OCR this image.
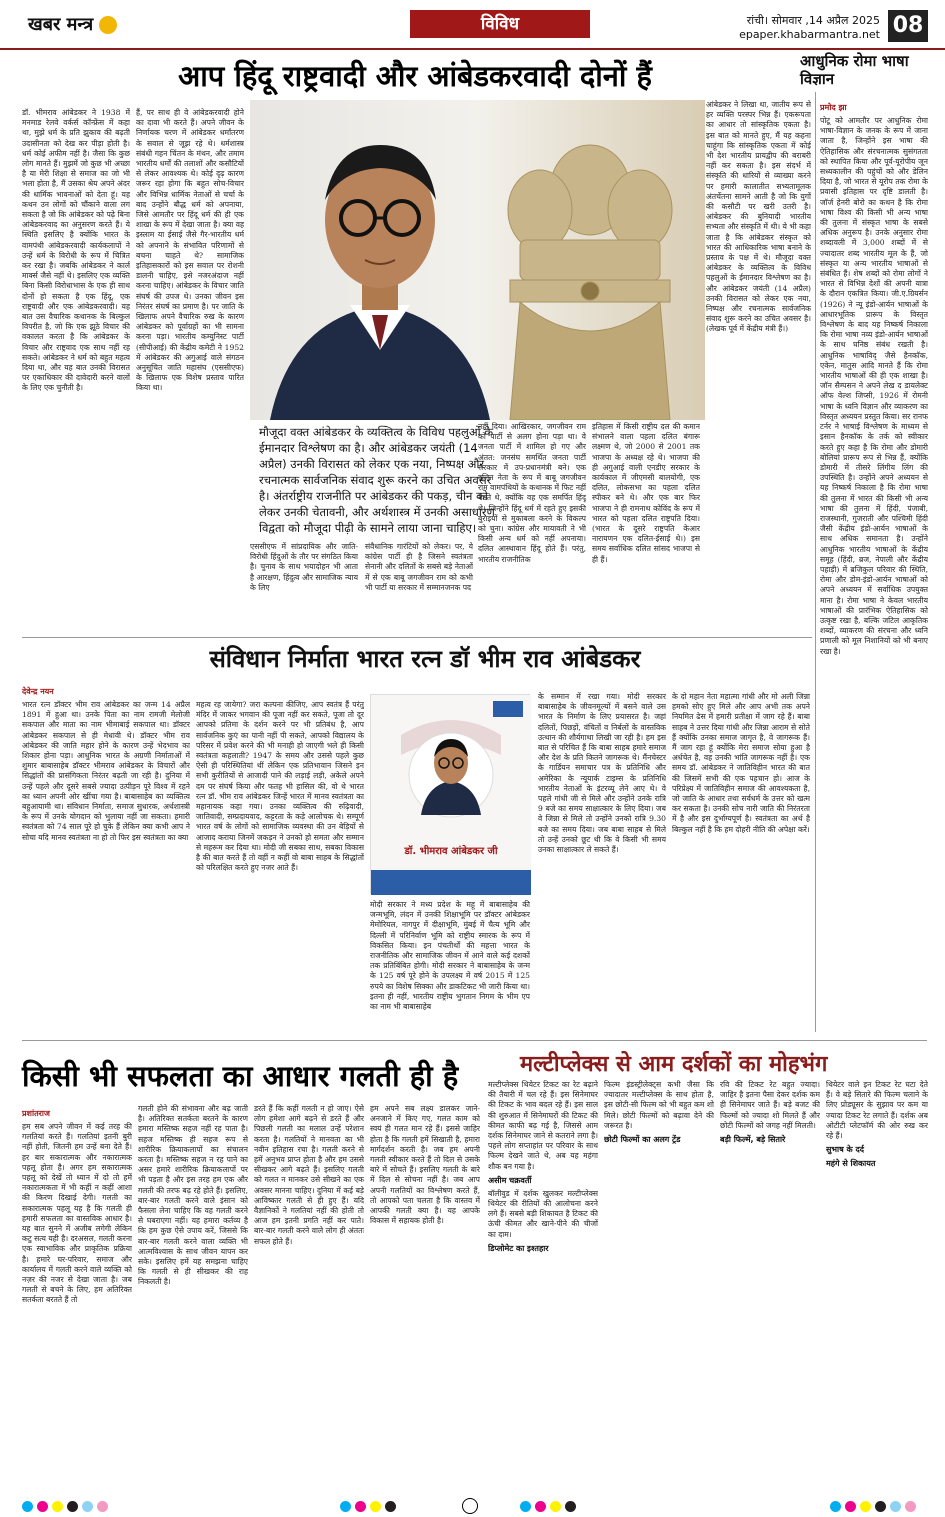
खबर मन्त्र	विविध	रांची। सोमवार ,14 अप्रैल 2025
epaper.khabarmantra.net 08
आप हिंदू राष्ट्रवादी और आंबेडकरवादी दोनों हैं	आधुनिक रोमा भाषा विज्ञान
डॉ. भीमराव आंबेडकर ने 1938 में मनमाड रेलवे वर्कर्स कॉन्फ्रेंस में कहा था, मुझे धर्म के प्रति झुकाव की बढ़ती उदासीनता को देख कर पीड़ा होती है। धर्म कोई अफीम नहीं है। जैसा कि कुछ लोग मानते हैं। मुझमें जो कुछ भी अच्छा है या मेरी शिक्षा से समाज का जो भी भला होता है, मैं उसका श्रेय अपने अंदर की धार्मिक भावनाओं को देता हूं। यह कथन उन लोगों को चौंकाने वाला लग सकता है जो कि आंबेडकर को पढ़े बिना आंबेडकरवाद का अनुसरण करते हैं। ये स्थिति इसलिए है क्योंकि भारत के वामपंथी आंबेडकरवादी कार्यकलापों ने उन्हें धर्म के विरोधी के रूप में चित्रित कर रखा है। जबकि आंबेडकर ने कार्ल मार्क्स जैसे नहीं थे। इसलिए एक व्यक्ति बिना किसी विरोधाभास के एक ही साथ दोनों हो सकता है एक हिंदू, एक राष्ट्रवादी और एक आंबेडकरवादी। यह बात उस वैचारिक कथानक के बिल्कुल विपरीत है, जो कि एक झूठे विचार की वकालत करता है कि आंबेडकर के विचार और राष्ट्रवाद एक साथ नहीं रह सकते। आंबेडकर ने धर्म को बहुत महत्व दिया था, और यह बात उनकी विरासत पर एकाधिकार की दावेदारी करने वालों के लिए एक चुनौती है।
हैं, पर साथ ही वे आंबेडकरवादी होने का दावा भी करते हैं। अपने जीवन के निर्णायक चरण में आंबेडकर धर्मांतरण के सवाल से जूझ रहे थे। धर्मशास्त्र संबंधी गहन चिंतन के मंथन, और तमाम भारतीय धर्मों की तलाशों और कसौटियों से लेकर आवश्यक थे। कोई दृढ़ कारण जरूर रहा होगा कि बहुत सोच-विचार और विभिन्न धार्मिक नेताओं से चर्चा के बाद उन्होंने बौद्ध धर्म को अपनाया, जिसे आमतौर पर हिंदू धर्म की ही एक शाखा के रूप में देखा जाता है। क्या वह इस्लाम या ईसाई जैसे गैर-भारतीय धर्म को अपनाने के संभावित परिणामों से बचना चाहते थे? सामाजिक इतिहासकारों को इस सवाल पर रोशनी डालनी चाहिए, इसे नजरअंदाज नहीं करना चाहिए। आंबेडकर के विचार जाति संघर्ष की उपज थे। उनका जीवन इस निरंतर संघर्ष का प्रमाण है। पर जाति के खिलाफ अपने वैचारिक रुख के कारण आंबेडकर को पूर्वाग्रहों का भी सामना करना पड़ा। भारतीय कम्युनिस्ट पार्टी (सीपीआई) की केंद्रीय कमेटी ने 1952 में आंबेडकर की अगुआई वाले संगठन अनुसूचित जाति महासंघ (एससीएफ) के खिलाफ एक विशेष प्रस्ताव पारित किया था।
मौजूदा वक्त आंबेडकर के व्यक्तित्व के विविध पहलुओं के ईमानदार विश्लेषण का है। और आंबेडकर जयंती (14 अप्रैल) उनकी विरासत को लेकर एक नया, निष्पक्ष और रचनात्मक सार्वजनिक संवाद शुरू करने का उचित अवसर है। अंतर्राष्ट्रीय राजनीति पर आंबेडकर की पकड़, चीन को लेकर उनकी चेतावनी, और अर्थशास्त्र में उनकी असाधारण विद्वता को मौजूदा पीढ़ी के सामने लाया जाना चाहिए।
एससीएफ में सांप्रदायिक और जाति-विरोधी हिंदुओं के तौर पर संगठित किया है। चुनाव के साथ भयादोहन भी आता है आरक्षण, हिंदुत्व और सामाजिक न्याय के लिए
संवैधानिक गारंटियों को लेकर। पर, ये कांग्रेस पार्टी ही है जिसने स्वतंत्रता सेनानी और दलितों के सबसे बड़े नेताओं में से एक बाबू जगजीवन राम को कभी भी पार्टी या सरकार में सम्मानजनक पद
नहीं दिया। आखिरकार, जगजीवन राम को पार्टी से अलग होना पड़ा था। वे जनता पार्टी में शामिल हो गए और अंतत: जनसंघ समर्थित जनता पार्टी सरकार में उप-प्रधानमंत्री बने। एक दलित नेता के रूप में बाबू जगजीवन राम वामपंथियों के कथानक में फिट नहीं बैठते थे, क्योंकि वह एक समर्पित हिंदू थे। जिन्होंने हिंदू धर्म में रहते हुए इसकी बुराइयों से मुकाबला करने के विकल्प को चुना। कांग्रेस और मायावती ने भी किसी अन्य धर्म को नहीं अपनाया। दलित आस्थावान हिंदू होते हैं। परंतु, भारतीय राजनीतिक
इतिहास में किसी राष्ट्रीय दल की कमान संभालने वाला पहला दलित बंगारू लक्ष्मण थे, जो 2000 से 2001 तक भाजपा के अध्यक्ष रहे थे। भाजपा की ही अगुआई वाली एनडीए सरकार के कार्यकाल में जीएमसी बालयोगी, एक दलित, लोकसभा का पहला दलित स्पीकर बने थे। और एक बार फिर भाजपा ने ही रामनाथ कोविंद के रूप में भारत को पहला दलित राष्ट्रपति दिया। (भारत के दूसरे राष्ट्रपति केआर नारायणन एक दलित-ईसाई थे।) इस समय सर्वाधिक दलित सांसद भाजपा से ही हैं।
आंबेडकर ने लिखा था, जातीय रूप से हर व्यक्ति परस्पर भिन्न हैं। एकरूपता का आधार तो सांस्कृतिक एकता है। इस बात को मानते हुए, मैं यह कहना चाहूंगा कि सांस्कृतिक एकता में कोई भी देश भारतीय प्रायद्वीप की बराबरी नहीं कर सकता है। इस संदर्भ में संस्कृति की धारियों से व्याख्या करने पर हमारी कालातीत सभ्यतामूलक अंतर्चेतना सामने आती है जो कि युगों की कसौटी पर खरी उतरी है। आंबेडकर की बुनियादी भारतीय सभ्यता और संस्कृति में थी। ये भी कहा जाता है कि आंबेडकर संस्कृत को भारत की आधिकारिक भाषा बनाने के प्रस्ताव के पक्ष में थे। मौजूदा वक्त आंबेडकर के व्यक्तित्व के विविध पहलुओं के ईमानदार विश्लेषण का है। और आंबेडकर जयंती (14 अप्रैल) उनकी विरासत को लेकर एक नया, निष्पक्ष और रचनात्मक सार्वजनिक संवाद शुरू करने का उचित अवसर है। (लेखक पूर्व में केंद्रीय मंत्री हैं।)
प्रमोद झा
पोटू को आमतौर पर आधुनिक रोमा भाषा-विज्ञान के जनक के रूप में जाना जाता है, जिन्होंने इस भाषा की ऐतिहासिक और संरचनात्मक सुसंगतता को स्थापित किया और पूर्व-यूरोपीय जून सध्यकालीन की पहुंचों को और डेलिन दिया है, जो भारत से यूरोप तक रोमा के प्रवासी इतिहास पर दृष्टि डालती है। जॉर्ज हेनरी बोरो का कथन है कि रोमा भाषा विश्व की किसी भी अन्य भाषा की तुलना में संस्कृत भाषा के सबसे अधिक अनुरूप है। उनके अनुसार रोमा शब्दावली में 3,000 शब्दों में से ज्यादातर शब्द भारतीय मूल के हैं, जो संस्कृत या अन्य भारतीय भाषाओं से संबंधित हैं। शेष शब्दों को रोमा लोगों ने भारत से विभिन्न देशों की अपनी यात्रा के दौरान एकत्रित किया। जी.ए.ग्रियर्सन (1926) ने न्यू इंडो-आर्यन भाषाओं के आधारभूतिक प्रारूप के विस्तृत विश्लेषण के बाद यह निष्कर्ष निकाला कि रोमा भाषा नव्य इंडो-आर्यन भाषाओं के साथ घनिष्ठ संबंध रखती है। आधुनिक भाषाविद् जैसे हैनकॉक, एकेन, मातुस आदि मानते हैं कि रोमा भारतीय भाषाओं की ही एक शाखा है। जॉन सैम्पसन ने अपने लेख द डायलेक्ट ऑफ वेल्श जिप्सी, 1926 में रोमनी भाषा के ध्वनि विज्ञान और व्याकरण का विस्तृत अध्ययन प्रस्तुत किया। सर रानफ टर्नर ने भाषाई विश्लेषण के माध्यम से इसान हैनकॉक के तर्क को स्वीकार करते हुए कहा है कि रोमा और डोमारी बोलियां प्रारूप रूप से भिन्न हैं, क्योंकि डोमारी में तीसरे लिंगीय लिंग की उपस्थिति है। उन्होंने अपने अध्ययन से यह निष्कर्ष निकाला है कि रोमा भाषा की तुलना में भारत की किसी भी अन्य भाषा की तुलना में हिंदी, पंजाबी, राजस्थानी, गुजराती और पश्चिमी हिंदी जैसी केंद्रीय इंडो-आर्यन भाषाओं के साथ अधिक समानता है। उन्होंने आधुनिक भारतीय भाषाओं के केंद्रीय समूह (हिंदी, ब्रज, नेपाली और केंद्रीय पहाड़ी) में ब्रजिकुल परिवार की स्थिति, रोमा और डोम-इंडो-आर्यन भाषाओं को अपने अध्ययन में सर्वाधिक उपयुक्त माना है। रोमा भाषा ने केवल भारतीय भाषाओं की प्रारंभिक ऐतिहासिक को उत्कृष्ट रखा है, बल्कि जटिल आकृतिक शब्दों, व्याकरण की संरचना और ध्वनि प्रणाली को मूल निशानियों को भी बनाए रखा है।
संविधान निर्माता भारत रत्न डॉ भीम राव आंबेडकर
देवेन्द्र नयन
भारत रत्न डॉक्टर भीम राव आंबेडकर का जन्म 14 अप्रैल 1891 में हुआ था। उनके पिता का नाम रामजी मेलोजी सकपाल और माता का नाम भीमाबाई सकपाल था। डॉक्टर आंबेडकर सकपाल से ही मेधावी थे। डॉक्टर भीम राव आंबेडकर की जाति महार होने के कारण उन्हें भेदभाव का शिकार होना पड़ा। आधुनिक भारत के अग्रणी निर्माताओं में शुमार बाबासाहेब डॉक्टर भीमराव आंबेडकर के विचारों और सिद्धांतों की प्रासंगिकता निरंतर बढ़ती जा रही है। दुनिया में उन्हें पहले और दूसरे सबसे ज्यादा उत्पीड़न पूरे विश्व में रहने का ध्यान अपनी ओर खींचा गया है। बाबासाहेब का व्यक्तित्व बहुआयामी था। संविधान निर्माता, समाज सुधारक, अर्थशास्त्री के रूप में उनके योगदान को भुलाया नहीं जा सकता। हमारी स्वतंत्रता को 74 साल पूरे हो चुके हैं लेकिन क्या कभी आप ने सोचा यदि मानव स्वतंत्रता ना हो तो फिर इस स्वतंत्रता का क्या
महत्व रह जायेगा? जरा कल्पना कीजिए, आप स्वतंत्र हैं परंतु मंदिर में जाकर भगवान की पूजा नहीं कर सकते, पूजा तो दूर आपको प्रतिमा के दर्शन करने पर भी प्रतिबंध है, आप सार्वजनिक कुएं का पानी नहीं पी सकते, आपको विद्यालय के परिसर में प्रवेश करने की भी मनाही हो जाएगी भले ही किसी स्वतंत्रता कहलाती? 1947 के समय और उससे पहले कुछ ऐसी ही परिस्थितियां थीं लेकिन एक प्रतिभावान जिसने इन सभी कुरीतियों से आजादी पाने की लड़ाई लड़ी, अकेले अपने दम पर संघर्ष किया और फतह भी हासिल की, वो थे भारत रत्न डॉ. भीम राव आंबेडकर जिन्हें भारत में मानव स्वतंत्रता का महानायक कहा गया। उनका व्यक्तित्व की रुढ़िवादी, जातिवादी, सम्प्रदायवाद, कट्टरता के कड़े आलोचक थे। सम्पूर्ण भारत वर्ष के लोगों को सामाजिक व्यवस्था की उन बेड़ियों से आजाद कराया जिनमें जकड़न ने उनको हो समता और सम्मान से महरूम कर दिया था। मोदी जी सबका साथ, सबका विकास है की बात करते हैं तो वहीं न कहीं वो बाबा साहब के सिद्धांतों को परिलक्षित करते हुए नजर आते हैं।
डॉ. भीमराव आंबेडकर जी
मोदी सरकार ने मध्य प्रदेश के महू में बाबासाहेब की जन्मभूमि, लंदन में उनकी शिक्षाभूमि पर डॉक्टर आंबेडकर मेमोरियल, नागपुर में दीक्षाभूमि, मुंबई में चैत्य भूमि और दिल्ली में परिनिर्वाण भूमि को राष्ट्रीय स्मारक के रूप में विकसित किया। इन पंचतीर्थों की महत्ता भारत के राजनीतिक और सामाजिक जीवन में आने वाले कई दशकों तक प्रतिबिंबित होगी। मोदी सरकार ने बाबासाहेब के जन्म के 125 वर्ष पूरे होने के उपलक्ष्य में वर्ष 2015 में 125 रुपये का विशेष सिक्का और डाकटिकट भी जारी किया था। इतना ही नहीं, भारतीय राष्ट्रीय भुगतान निगम के भीम एप का नाम भी बाबासाहेब
के सम्मान में रखा गया। मोदी सरकार बाबासाहेब के जीवनमूल्यों में बसने वाले उस भारत के निर्माण के लिए प्रयासरत है। जहां दलितों, पिछड़ों, वंचितों व निर्बलों के वास्तविक उत्थान की शौर्यगाथा लिखी जा रही है। हम इस बात से परिचित हैं कि बाबा साहब हमारे समाज और देश के प्रति कितने जागरूक थे। मैंनचेस्टर के गार्डियन समाचार पत्र के प्रतिनिधि और अमेरिका के न्यूयार्क टाइम्स के प्रतिनिधि भारतीय नेताओं के इंटरव्यू लेने आए थे। वे पहले गांधी जी से मिले और उन्होंने उनके रात्रि 9 बजे का समय साक्षात्कार के लिए दिया। जब वे जिन्ना से मिले तो उन्होंने उनको रात्रि 9.30 बजे का समय दिया। जब बाबा साहब से मिले तो उन्हें उनको छूट थी कि वे किसी भी समय उनका साक्षात्कार ले सकते हैं।
के दो महान नेता महात्मा गांधी और मो अली जिन्ना हमको सोए हुए मिले और आप अभी तक अपने नियमित ढेस में हमारी प्रतीक्षा में जाग रहे हैं। बाबा साहब ने उत्तर दिया गांधी और जिन्ना आराम से सोते हैं क्योंकि उनका समाज जागृत है, वे जागरूक हैं। मैं जाग रहा हूं क्योंकि मेरा समाज सोया हुआ है अर्धचेत है, वह उनकी भांति जागरूक नहीं है। एक समय डॉ. आंबेडकर ने जातिविहीन भारत की बात की जिसमें सभी की एक पहचान हो। आज के परिप्रेक्ष्य में जातिविहीन समाज की आवश्यकता है, जो जाति के आधार तथा सर्वधर्म के उत्तर को खत्म कर सकता है। उनकी सोच नारी जाति की निरंतरता में है और इस दुर्भाग्यपूर्ण है। स्वतंत्रता का अर्थ है बिल्कुल नहीं है कि हम दोहरी नीति की अपेक्षा करें।
किसी भी सफलता का आधार गलती ही है
प्रशांतराज
हम सब अपने जीवन में कई तरह की गलतियां करते हैं। गलतियां इतनी बुरी नहीं होती, जितनी हम उन्हें बना देते हैं। हर बार सकारात्मक और नकारात्मक पहलू होता है। अगर हम सकारात्मक पहलू को देखें तो ध्यान में दो तो हमें नकारात्मकता में भी कहीं न कहीं आशा की किरण दिखाई देगी। गलती का सकारात्मक पहलू यह है कि गलती ही हमारी सफलता का वास्तविक आधार है। यह बात सुनने में अजीब लगेगी लेकिन कटु सत्य यही है। दरअसल, गलती करना एक स्वाभाविक और प्राकृतिक प्रक्रिया है। हमारे घर-परिवार, समाज और कार्यालय में गलती करने वाले व्यक्ति को नज़र की नजर से देखा जाता है। जब गलती से बचने के लिए, हम अतिरिक्त सतर्कता बरतते हैं तो
गलती होने की संभावना और बढ़ जाती है। अतिरिक्त सतर्कता बरतने के कारण हमारा मस्तिष्क सहज नहीं रह पाता है। सहज मस्तिष्क ही सहज रूप से शारीरिक क्रियाकलापों का संचालन करता है। मस्तिष्क सहज न रह पाने का असर हमारे शारीरिक क्रियाकलापों पर भी पड़ता है और इस तरह हम एक और गलती की तरफ बढ़ रहे होते हैं। इसलिए, बार-बार गलती करने वाले इंसान को फैसला लेना चाहिए कि वह गलती करने से घबराएगा नहीं। यह हमारा कर्तव्य है कि हम कुछ ऐसे उपाय करें, जिससे कि बार-बार गलती करने वाला व्यक्ति भी आत्मविश्वास के साथ जीवन यापन कर सके। इसलिए हमें यह समझना चाहिए कि गलती से ही सीखकर की राह निकलती है।
डरते हैं कि कहीं गलती न हो जाए। ऐसे लोग हमेशा आगे बढ़ने से डरते हैं और पिछली गलती का मलाल उन्हें परेशान करता है। गलतियों ने मानवता का भी नवीन इतिहास रचा है। गलती करने से हमें अनुभव प्राप्त होता है और हम उससे सीखकर आगे बढ़ते हैं। इसलिए गलती को गलत न मानकर उसे सीखने का एक अवसर मानना चाहिए। दुनिया में कई बड़े आविष्कार गलती से ही हुए हैं। यदि वैज्ञानिकों ने गलतियां नहीं की होती तो आज हम इतनी प्रगति नहीं कर पाते। बार-बार गलती करने वाले लोग ही अंततः सफल होते हैं।
हम अपने सब लक्ष्य डालकर जाने-अनजाने में किए गए, गलत काम को स्वयं ही गलत मान रहे हैं। इससे जाहिर होता है कि गलती हमें सिखाती है, हमारा मार्गदर्शन करती है। जब हम अपनी गलती स्वीकार करते हैं तो दिल से उसके बारे में सोचते हैं। इसलिए गलती के बारे में दिल से सोचना नहीं है। जब आप अपनी गलतियों का विश्लेषण करते हैं, तो आपको पता चलता है कि वास्तव में आपकी गलती क्या है। यह आपके विकास में सहायक होती है।
मल्टीप्लेक्स से आम दर्शकों का मोहभंग
मल्टीप्लेक्स थियेटर टिकट का रेट बढ़ाने की तैयारी में चल रहे हैं। इस सिनेमाघर की टिकट के भाव बदल रहे हैं। इस साल की शुरुआत में सिनेमाघरों की टिकट की कीमत काफी बढ़ गई है, जिससे आम दर्शक सिनेमाघर जाने से कतराने लगा है। पहले लोग सप्ताहांत पर परिवार के साथ फिल्म देखने जाते थे, अब यह महंगा शौक बन गया है।
असीम चक्रवर्ती
बॉलीवुड में दर्शक खुलकर मल्टीप्लेक्स थियेटर की रीतियों की आलोचना करने लगे हैं। सबसे बड़ी शिकायत है टिकट की ऊंची कीमत और खाने-पीने की चीजों का दाम।
डिप्लोमेट का इश्तहार
फिल्म इंडस्ट्रीलेक्ट्स कभी जैसा कि ज्यादातर मल्टीप्लेक्स के साथ होता है, इस छोटी-सी फिल्म को भी बहुत कम शो मिले। छोटी फिल्मों को बढ़ावा देने की जरूरत है।
छोटी फिल्मों का अलग ट्रेंड
रवि की टिकट रेट बहुत ज्यादा। जाहिर है इतना पैसा देकर दर्शक कम ही सिनेमाघर जाते हैं। बड़े बजट की फिल्मों को ज्यादा शो मिलते हैं और छोटी फिल्मों को जगह नहीं मिलती।
बड़ी फिल्में, बड़े सितारे
थियेटर वाले इन टिकट रेट घटा देते हैं। वे बड़े सितारे की फिल्म चलाने के लिए प्रोड्यूसर के सुझाव पर कम या ज्यादा टिकट रेट लगाते हैं। दर्शक अब ओटीटी प्लेटफॉर्म की ओर रुख कर रहे हैं।
सुभाष के दर्द
महंगे से शिकायत
